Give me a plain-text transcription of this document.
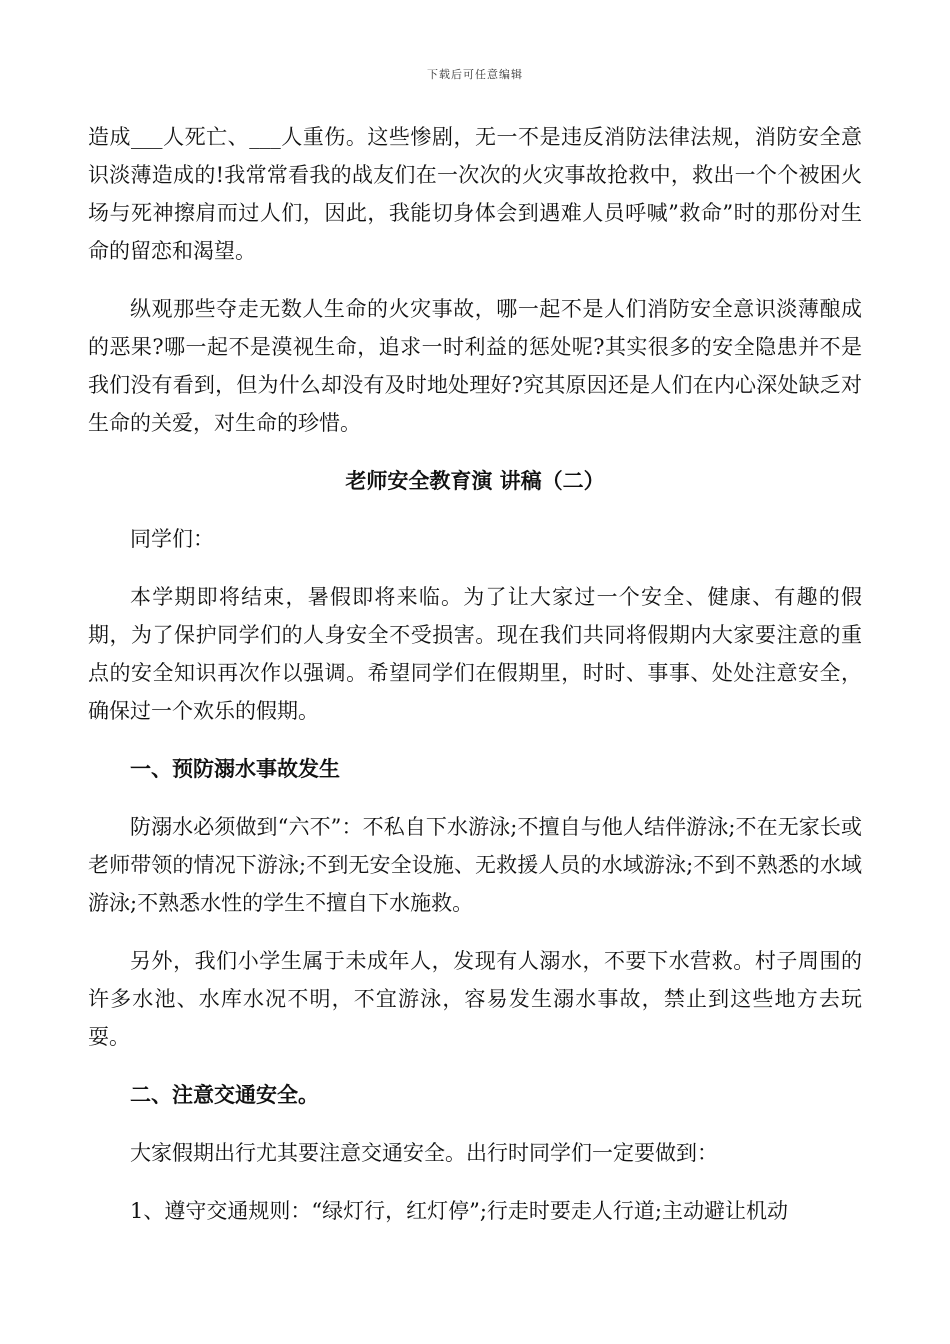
下载后可任意编辑

造成___人死亡、___人重伤。这些惨剧，无一不是违反消防法律法规，消防安全意识淡薄造成的!我常常看我的战友们在一次次的火灾事故抢救中，救出一个个被困火场与死神擦肩而过人们，因此，我能切身体会到遇难人员呼喊”救命”时的那份对生命的留恋和渴望。

纵观那些夺走无数人生命的火灾事故，哪一起不是人们消防安全意识淡薄酿成的恶果?哪一起不是漠视生命，追求一时利益的惩处呢?其实很多的安全隐患并不是我们没有看到，但为什么却没有及时地处理好?究其原因还是人们在内心深处缺乏对生命的关爱，对生命的珍惜。

老师安全教育演 讲稿（二）

同学们：

本学期即将结束，暑假即将来临。为了让大家过一个安全、健康、有趣的假期，为了保护同学们的人身安全不受损害。现在我们共同将假期内大家要注意的重点的安全知识再次作以强调。希望同学们在假期里，时时、事事、处处注意安全，确保过一个欢乐的假期。

一、预防溺水事故发生

防溺水必须做到“六不”：不私自下水游泳;不擅自与他人结伴游泳;不在无家长或老师带领的情况下游泳;不到无安全设施、无救援人员的水域游泳;不到不熟悉的水域游泳;不熟悉水性的学生不擅自下水施救。

另外，我们小学生属于未成年人，发现有人溺水，不要下水营救。村子周围的许多水池、水库水况不明，不宜游泳，容易发生溺水事故，禁止到这些地方去玩耍。

二、注意交通安全。

大家假期出行尤其要注意交通安全。出行时同学们一定要做到：

1、遵守交通规则：“绿灯行，红灯停”;行走时要走人行道;主动避让机动
